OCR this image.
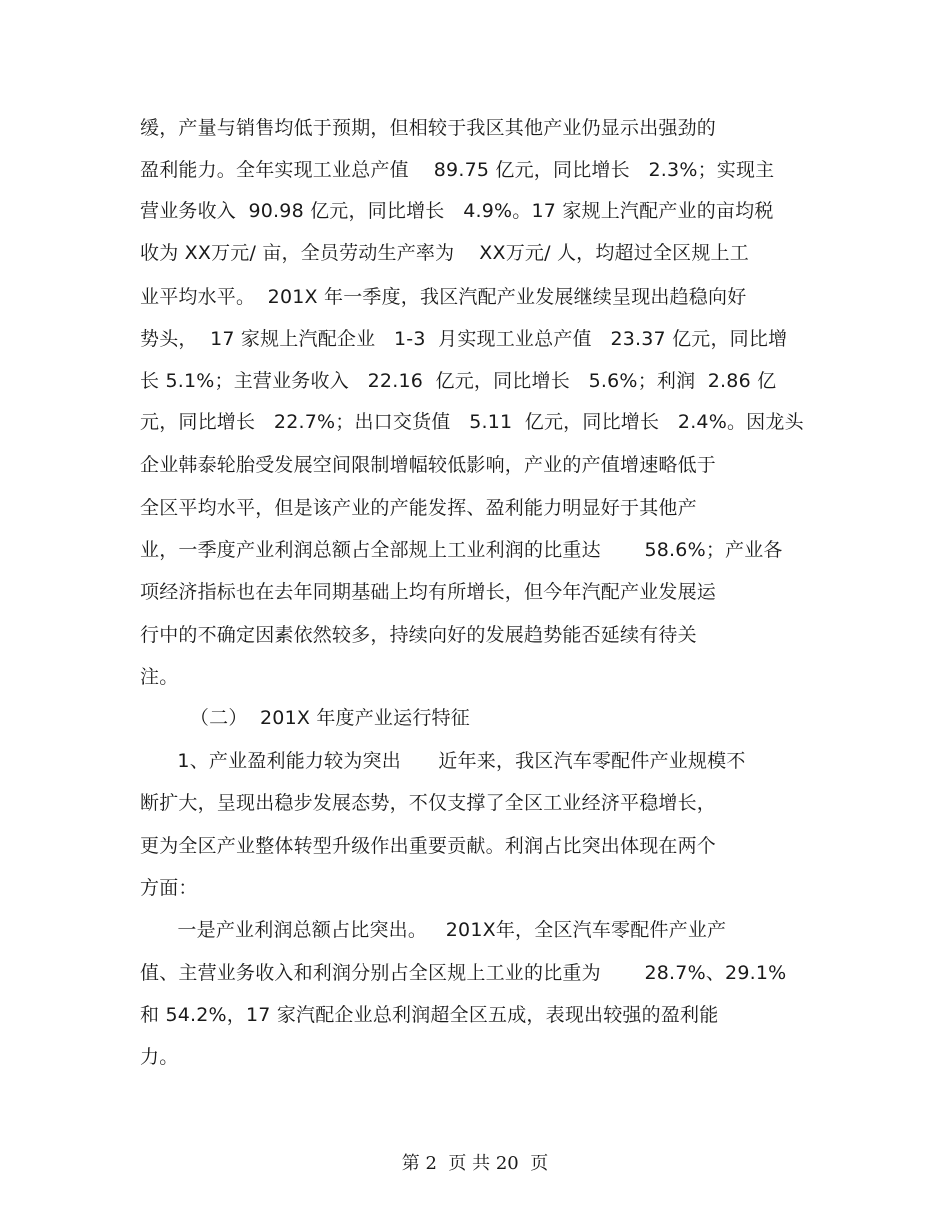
缓，产量与销售均低于预期，但相较于我区其他产业仍显示出强劲的
盈利能力。全年实现工业总产值    89.75 亿元，同比增长   2.3%；实现主
营业务收入  90.98 亿元，同比增长   4.9%。17 家规上汽配产业的亩均税
收为 XX万元/ 亩，全员劳动生产率为    XX万元/ 人，均超过全区规上工
业平均水平。  201X 年一季度，我区汽配产业发展继续呈现出趋稳向好
势头，  17 家规上汽配企业   1-3  月实现工业总产值   23.37 亿元，同比增
长 5.1%；主营业务收入   22.16  亿元，同比增长   5.6%；利润  2.86 亿
元，同比增长   22.7%；出口交货值   5.11  亿元，同比增长   2.4%。因龙头
企业韩泰轮胎受发展空间限制增幅较低影响，产业的产值增速略低于
全区平均水平，但是该产业的产能发挥、盈利能力明显好于其他产
业，一季度产业利润总额占全部规上工业利润的比重达       58.6%；产业各
项经济指标也在去年同期基础上均有所增长，但今年汽配产业发展运
行中的不确定因素依然较多，持续向好的发展趋势能否延续有待关
注。
（二）  201X 年度产业运行特征
1、产业盈利能力较为突出      近年来，我区汽车零配件产业规模不
断扩大，呈现出稳步发展态势，不仅支撑了全区工业经济平稳增长，
更为全区产业整体转型升级作出重要贡献。利润占比突出体现在两个
方面：
一是产业利润总额占比突出。   201X年，全区汽车零配件产业产
值、主营业务收入和利润分别占全区规上工业的比重为       28.7%、29.1%
和 54.2%，17 家汽配企业总利润超全区五成，表现出较强的盈利能
力。
第 2  页 共 20  页
